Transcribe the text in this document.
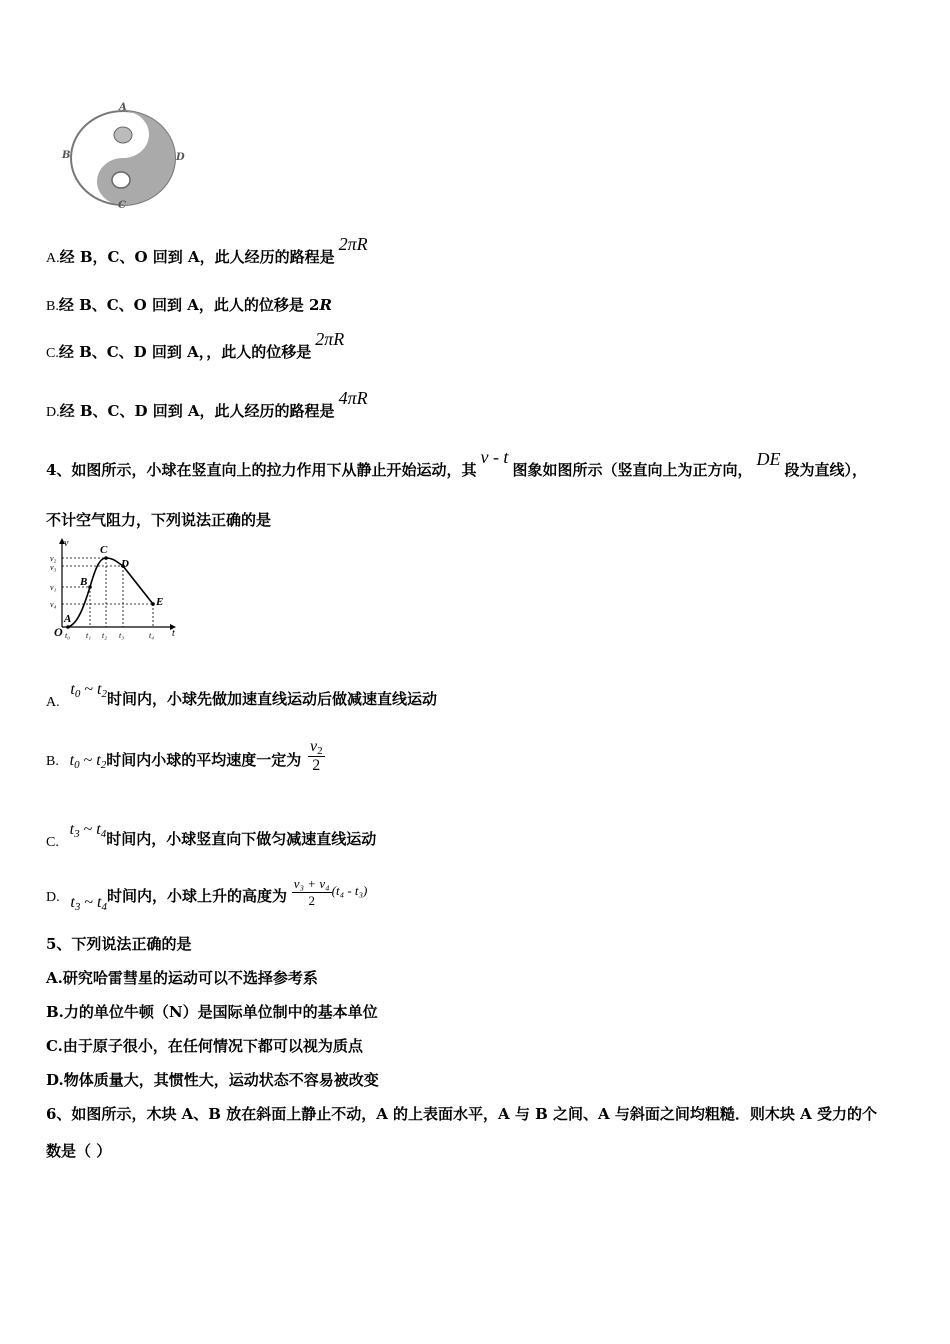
A
B	D
C
A.经 B，C、O 回到 A，此人经历的路程是2πR
B.经 B、C、O 回到 A，此人的位移是 2R
C.经 B、C、D 回到 A，，此人的位移是2πR
D.经 B、C、D 回到 A，此人经历的路程是4πR
4、如图所示，小球在竖直向上的拉力作用下从静止开始运动，其v - t图象如图所示（竖直向上为正方向，DE段为直线），
不计空气阻力，下列说法正确的是
v
t
O
A
B
C
D
E
v₂
v₃
v₁
v₄
t₀ t₁ t₂ t₃	t₄
A. t0 ~ t2时间内，小球先做加速直线运动后做减速直线运动
B. t0 ~ t2时间内小球的平均速度一定为 $\frac{v2}{2}$
C. t3 ~ t4时间内，小球竖直向下做匀减速直线运动
D. t3 ~ t4时间内，小球上升的高度为 $\frac{\text{v₃ + v₄}}{2} (t_4 - t_3)$
5、下列说法正确的是
A.研究哈雷彗星的运动可以不选择参考系
B.力的单位牛顿（N）是国际单位制中的基本单位
C.由于原子很小，在任何情况下都可以视为质点
D.物体质量大，其惯性大，运动状态不容易被改变
6、如图所示，木块 A、B 放在斜面上静止不动，A 的上表面水平，A 与 B 之间、A 与斜面之间均粗糙．则木块 A 受力的个
数是（ ）
